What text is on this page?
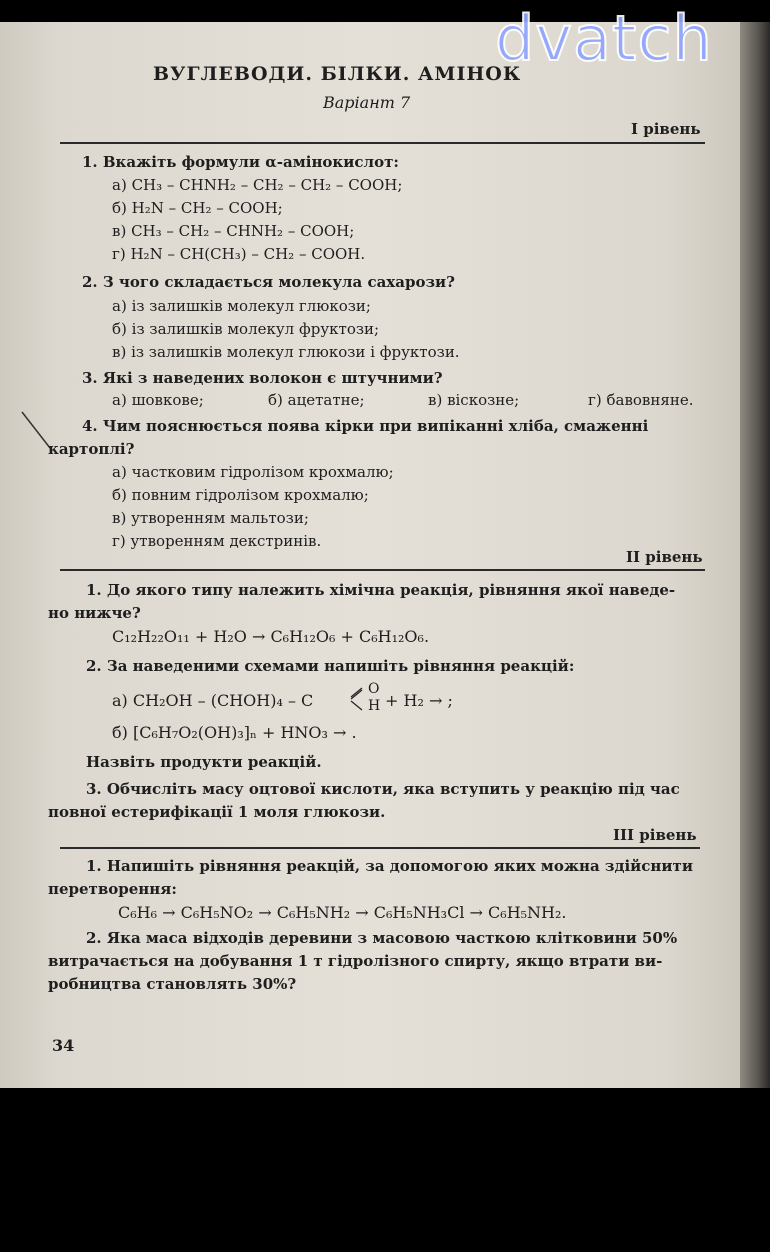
ВУГЛЕВОДИ. БІЛКИ. АМІНОК
dvatch
Варіант 7
І рівень
1. Вкажіть формули α-амінокислот:
а) CH₃ – CHNH₂ – CH₂ – CH₂ – COOH;
б) H₂N – CH₂ – COOH;
в) CH₃ – CH₂ – CHNH₂ – COOH;
г) H₂N – CH(CH₃) – CH₂ – COOH.
2. З чого складається молекула сахарози?
а) із залишків молекул глюкози;
б) із залишків молекул фруктози;
в) із залишків молекул глюкози і фруктози.
3. Які з наведених волокон є штучними?
а) шовкове;	б) ацетатне;	в) віскозне;	г) бавовняне.
4. Чим пояснюється поява кірки при випіканні хліба, смаженні
картоплі?
а) частковим гідролізом крохмалю;
б) повним гідролізом крохмалю;
в) утворенням мальтози;
г) утворенням декстринів.
ІІ рівень
1. До якого типу належить хімічна реакція, рівняння якої наведе-
но нижче?
C₁₂H₂₂O₁₁ + H₂O → C₆H₁₂O₆ + C₆H₁₂O₆.
2. За наведеними схемами напишіть рівняння реакцій:
а) CH₂OH – (CHOH)₄ – C
O
H + H₂ → ;
б) [C₆H₇O₂(OH)₃]ₙ + HNO₃ → .
Назвіть продукти реакцій.
3. Обчисліть масу оцтової кислоти, яка вступить у реакцію під час
повної естерифікації 1 моля глюкози.
ІІІ рівень
1. Напишіть рівняння реакцій, за допомогою яких можна здійснити
перетворення:
C₆H₆ → C₆H₅NO₂ → C₆H₅NH₂ → C₆H₅NH₃Cl → C₆H₅NH₂.
2. Яка маса відходів деревини з масовою часткою клітковини 50%
витрачається на добування 1 т гідролізного спирту, якщо втрати ви-
робництва становлять 30%?
34
